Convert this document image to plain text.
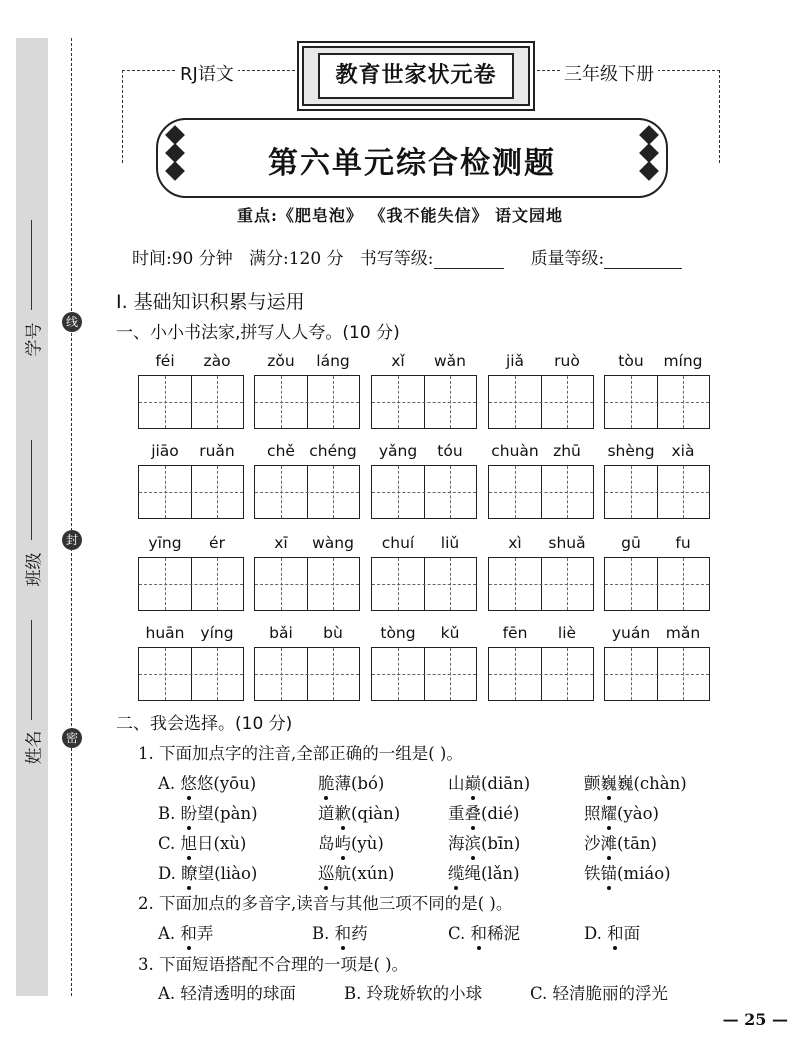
学号
班级
姓名
线
封
密
RJ语文	三年级下册
教育世家状元卷
第六单元综合检测题
重点:《肥皂泡》 《我不能失信》 语文园地
时间:90 分钟 满分:120 分 书写等级:	质量等级:
Ⅰ. 基础知识积累与运用
一、小小书法家,拼写人人夸。(10 分)
féi	zào	zǒu	láng	xǐ	wǎn	jiǎ	ruò	tòu	míng
jiāo	ruǎn	chě chéng	yǎng	tóu	chuàn zhū	shèng	xià
yīng	ér	xī	wàng	chuí	liǔ	xì	shuǎ	gū	fu
huān	yíng	bǎi	bù	tòng	kǔ	fēn	liè	yuán	mǎn
二、我会选择。(10 分)
1. 下面加点字的注音,全部正确的一组是( )。
A. 悠悠(yōu)	脆薄(bó)	山巅(diān)	颤巍巍(chàn)
B. 盼望(pàn)	道歉(qiàn)	重叠(dié)	照耀(yào)
C. 旭日(xù)	岛屿(yù)	海滨(bīn)	沙滩(tān)
D. 瞭望(liào)	巡航(xún)	缆绳(lǎn)	铁锚(miáo)
2. 下面加点的多音字,读音与其他三项不同的是( )。
A. 和弄	B. 和药	C. 和稀泥	D. 和面
3. 下面短语搭配不合理的一项是( )。
A. 轻清透明的球面	B. 玲珑娇软的小球	C. 轻清脆丽的浮光
— 25 —
